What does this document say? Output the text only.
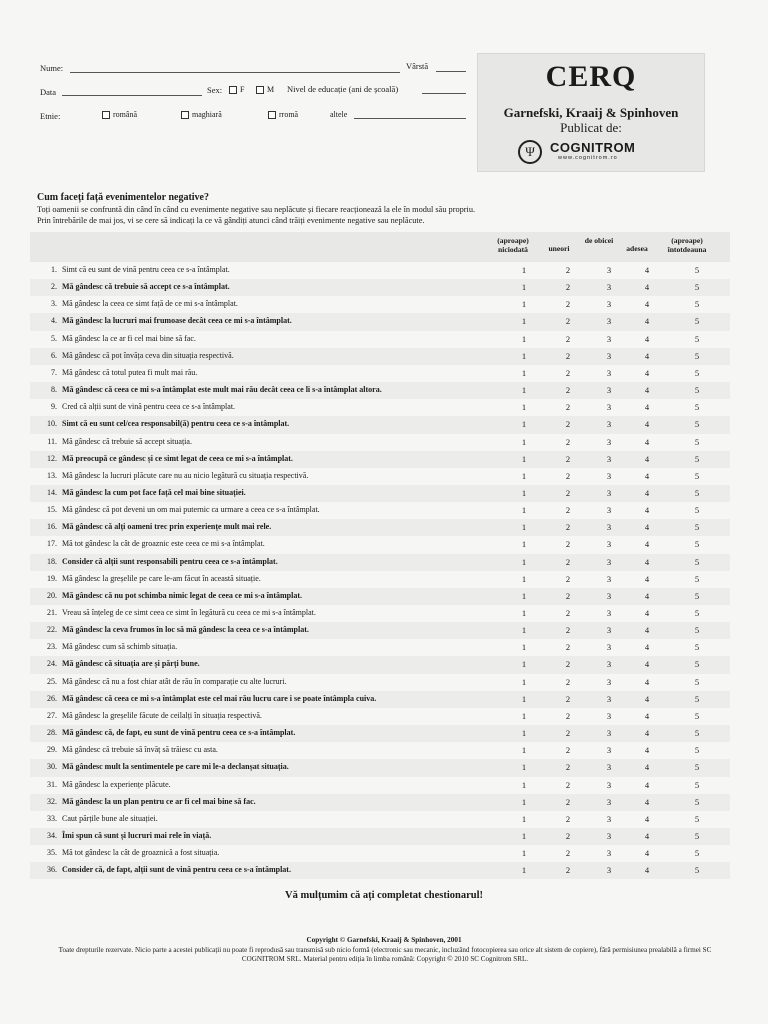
Nume:	Vârstă
Data	Sex:	F	M Nivel de educație (ani de școală)
Etnie:	română	maghiară	rromă	altele
CERQ
Garnefski, Kraaij & Spinhoven
Publicat de:
Ψ	COGNITROM
www.cognitrom.ro
Cum faceți față evenimentelor negative?
Toți oamenii se confruntă din când în când cu evenimente negative sau neplăcute și fiecare reacționează la ele în modul său propriu.
Prin întrebările de mai jos, vi se cere să indicați la ce vă gândiți atunci când trăiți evenimente negative sau neplăcute.
(aproape) niciodată	uneori
de obicei
adesea
(aproape) întotdeauna
1. Simt că eu sunt de vină pentru ceea ce s-a întâmplat.	1	2	3	4	5
2. Mă gândesc că trebuie să accept ce s-a întâmplat.	1	2	3	4	5
3. Mă gândesc la ceea ce simt față de ce mi s-a întâmplat.	1	2	3	4	5
4. Mă gândesc la lucruri mai frumoase decât ceea ce mi s-a întâmplat.	1	2	3	4	5
5. Mă gândesc la ce ar fi cel mai bine să fac.	1	2	3	4	5
6. Mă gândesc că pot învăța ceva din situația respectivă.	1	2	3	4	5
7. Mă gândesc că totul putea fi mult mai rău.	1	2	3	4	5
8. Mă gândesc că ceea ce mi s-a întâmplat este mult mai rău decât ceea ce li s-a întâmplat altora.	1	2	3	4	5
9. Cred că alții sunt de vină pentru ceea ce s-a întâmplat.	1	2	3	4	5
10. Simt că eu sunt cel/cea responsabil(ă) pentru ceea ce s-a întâmplat.	1	2	3	4	5
11. Mă gândesc că trebuie să accept situația.	1	2	3	4	5
12. Mă preocupă ce gândesc și ce simt legat de ceea ce mi s-a întâmplat.	1	2	3	4	5
13. Mă gândesc la lucruri plăcute care nu au nicio legătură cu situația respectivă.	1	2	3	4	5
14. Mă gândesc la cum pot face față cel mai bine situației.	1	2	3	4	5
15. Mă gândesc că pot deveni un om mai puternic ca urmare a ceea ce s-a întâmplat.	1	2	3	4	5
16. Mă gândesc că alți oameni trec prin experiențe mult mai rele.	1	2	3	4	5
17. Mă tot gândesc la cât de groaznic este ceea ce mi s-a întâmplat.	1	2	3	4	5
18. Consider că alții sunt responsabili pentru ceea ce s-a întâmplat.	1	2	3	4	5
19. Mă gândesc la greșelile pe care le-am făcut în această situație.	1	2	3	4	5
20. Mă gândesc că nu pot schimba nimic legat de ceea ce mi s-a întâmplat.	1	2	3	4	5
21. Vreau să înțeleg de ce simt ceea ce simt în legătură cu ceea ce mi s-a întâmplat.	1	2	3	4	5
22. Mă gândesc la ceva frumos în loc să mă gândesc la ceea ce s-a întâmplat.	1	2	3	4	5
23. Mă gândesc cum să schimb situația.	1	2	3	4	5
24. Mă gândesc că situația are și părți bune.	1	2	3	4	5
25. Mă gândesc că nu a fost chiar atât de rău în comparație cu alte lucruri.	1	2	3	4	5
26. Mă gândesc că ceea ce mi s-a întâmplat este cel mai rău lucru care i se poate întâmpla cuiva.	1	2	3	4	5
27. Mă gândesc la greșelile făcute de ceilalți în situația respectivă.	1	2	3	4	5
28. Mă gândesc că, de fapt, eu sunt de vină pentru ceea ce s-a întâmplat.	1	2	3	4	5
29. Mă gândesc că trebuie să învăț să trăiesc cu asta.	1	2	3	4	5
30. Mă gândesc mult la sentimentele pe care mi le-a declanșat situația.	1	2	3	4	5
31. Mă gândesc la experiențe plăcute.	1	2	3	4	5
32. Mă gândesc la un plan pentru ce ar fi cel mai bine să fac.	1	2	3	4	5
33. Caut părțile bune ale situației.	1	2	3	4	5
34. Îmi spun că sunt și lucruri mai rele în viață.	1	2	3	4	5
35. Mă tot gândesc la cât de groaznică a fost situația.	1	2	3	4	5
36. Consider că, de fapt, alții sunt de vină pentru ceea ce s-a întâmplat.	1	2	3	4	5
Vă mulțumim că ați completat chestionarul!
Copyright © Garnefski, Kraaij & Spinhoven, 2001
Toate drepturile rezervate. Nicio parte a acestei publicații nu poate fi reprodusă sau transmisă sub nicio formă (electronic sau mecanic, incluzând fotocopierea sau orice alt sistem de copiere), fără permisiunea prealabilă a firmei SC COGNITROM SRL. Material pentru ediția în limba română: Copyright © 2010 SC Cognitrom SRL.
